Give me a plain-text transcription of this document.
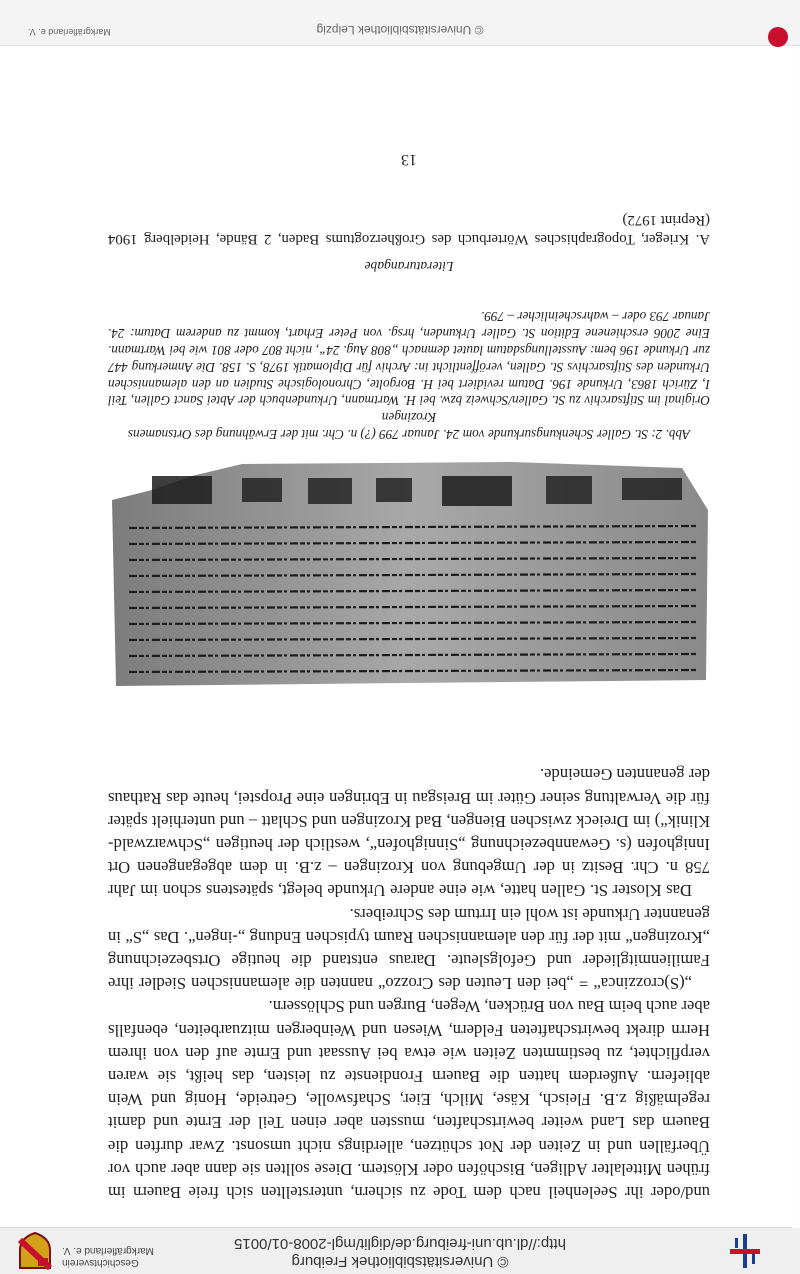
© Universitätsbibliothek Freiburg
http://dl.ub.uni-freiburg.de/diglit/mgl-2008-01/0015
Geschichtsverein
Markgräflerland e. V.

und/oder ihr Seelenheil nach dem Tode zu sichern, unterstellten sich freie Bauern im frühen Mittelalter Adligen, Bischöfen oder Klöstern. Diese sollten sie dann aber auch vor Überfällen und in Zeiten der Not schützen, allerdings nicht umsonst. Zwar durften die Bauern das Land weiter bewirtschaften, mussten aber einen Teil der Ernte und damit regelmäßig z.B. Fleisch, Käse, Milch, Eier, Schafswolle, Getreide, Honig und Wein abliefern. Außerdem hatten die Bauern Frondienste zu leisten, das heißt, sie waren verpflichtet, zu bestimmten Zeiten wie etwa bei Aussaat und Ernte auf den von ihrem Herrn direkt bewirtschafteten Feldern, Wiesen und Weinbergen mitzuarbeiten, ebenfalls aber auch beim Bau von Brücken, Wegen, Burgen und Schlössern.

„(S)crozzinca“ = „bei den Leuten des Crozzo“ nannten die alemannischen Siedler ihre Familienmitglieder und Gefolgsleute. Daraus entstand die heutige Ortsbezeichnung „Krozingen“ mit der für den alemannischen Raum typischen Endung „-ingen“. Das „S“ in genannter Urkunde ist wohl ein Irrtum des Schreibers.

Das Kloster St. Gallen hatte, wie eine andere Urkunde belegt, spätestens schon im Jahr 758 n. Chr. Besitz in der Umgebung von Krozingen – z.B. in dem abgegangenen Ort Innighofen (s. Gewannbezeichnung „Sinnighofen“, westlich der heutigen „Schwarzwald-Klinik“) im Dreieck zwischen Biengen, Bad Krozingen und Schlatt – und unterhielt später für die Verwaltung seiner Güter im Breisgau in Ebringen eine Propstei, heute das Rathaus der genannten Gemeinde.

Abb. 2: St. Galler Schenkungsurkunde vom 24. Januar 799 (?) n. Chr. mit der Erwähnung des Ortsnamens Krozingen
Original im Stiftsarchiv zu St. Gallen/Schweiz bzw. bei H. Wartmann, Urkundenbuch der Abtei Sanct Gallen, Teil I, Zürich 1863, Urkunde 196. Datum revidiert bei H. Borgolte, Chronologische Studien an den alemannischen Urkunden des Stiftsarchivs St. Gallen, veröffentlicht in: Archiv für Diplomatik 1978, S. 158. Die Anmerkung 447 zur Urkunde 196 bem: Ausstellungsdatum lautet demnach „808 Aug. 24“, nicht 807 oder 801 wie bei Wartmann. Eine 2006 erschienene Edition St. Galler Urkunden, hrsg. von Peter Erhart, kommt zu anderem Datum: 24. Januar 793 oder – wahrscheinlicher – 799.
Literaturangabe
A. Krieger, Topographisches Wörterbuch des Großherzogtums Baden, 2 Bände, Heidelberg 1904 (Reprint 1972)
13
© Universitätsbibliothek Leipzig
Markgräflerland e. V.
